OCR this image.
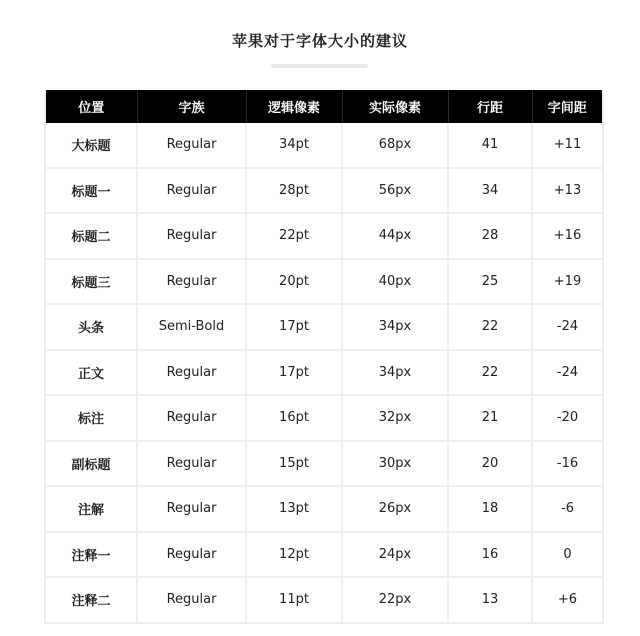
苹果对于字体大小的建议
位置	字族	逻辑像素	实际像素	行距	字间距
大标题	Regular	34pt	68px	41	+11
标题一	Regular	28pt	56px	34	+13
标题二	Regular	22pt	44px	28	+16
标题三	Regular	20pt	40px	25	+19
头条	Semi-Bold	17pt	34px	22	-24
正文	Regular	17pt	34px	22	-24
标注	Regular	16pt	32px	21	-20
副标题	Regular	15pt	30px	20	-16
注解	Regular	13pt	26px	18	-6
注释一	Regular	12pt	24px	16	0
注释二	Regular	11pt	22px	13	+6
